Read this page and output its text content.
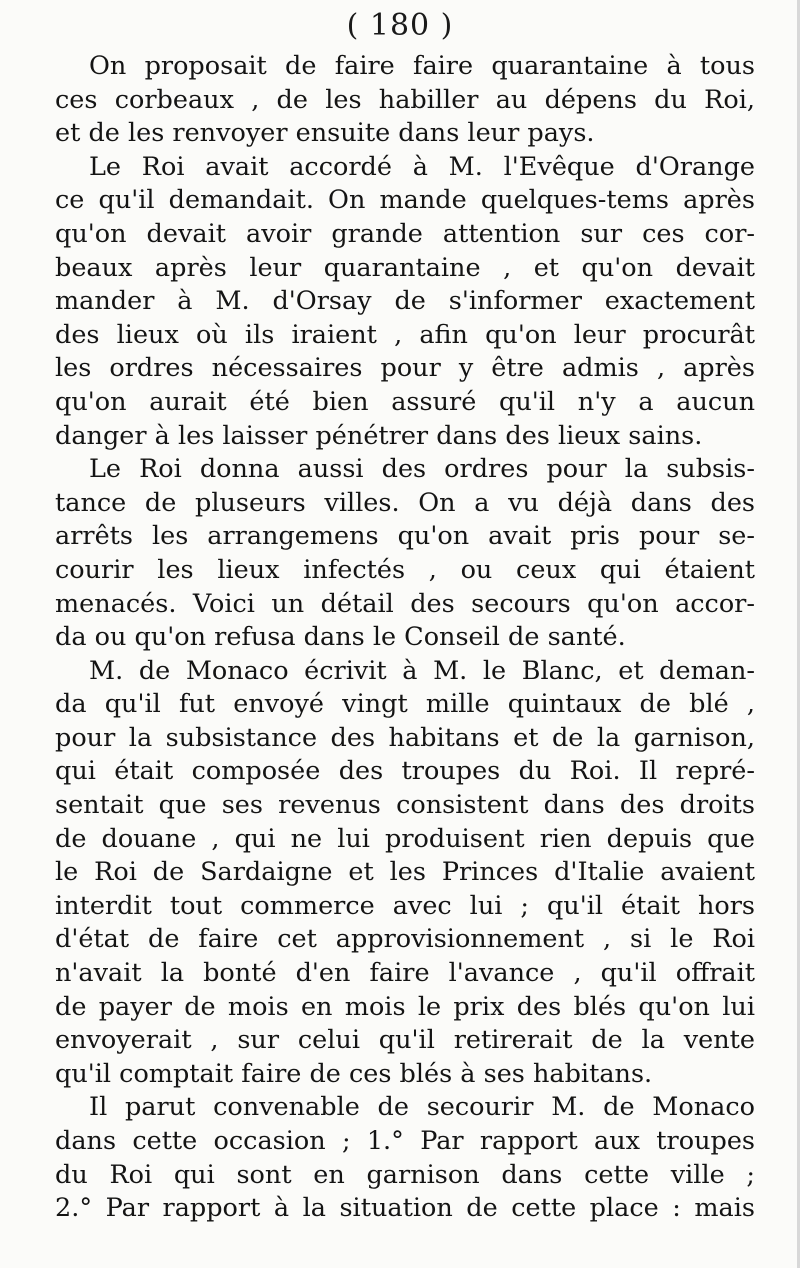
( 180 )
On proposait de faire faire quarantaine à tous
ces corbeaux , de les habiller au dépens du Roi,
et de les renvoyer ensuite dans leur pays.
Le Roi avait accordé à M. l'Evêque d'Orange
ce qu'il demandait. On mande quelques-tems après
qu'on devait avoir grande attention sur ces cor-
beaux après leur quarantaine , et qu'on devait
mander à M. d'Orsay de s'informer exactement
des lieux où ils iraient , afin qu'on leur procurât
les ordres nécessaires pour y être admis , après
qu'on aurait été bien assuré qu'il n'y a aucun
danger à les laisser pénétrer dans des lieux sains.
Le Roi donna aussi des ordres pour la subsis-
tance de pluseurs villes. On a vu déjà dans des
arrêts les arrangemens qu'on avait pris pour se-
courir les lieux infectés , ou ceux qui étaient
menacés. Voici un détail des secours qu'on accor-
da ou qu'on refusa dans le Conseil de santé.
M. de Monaco écrivit à M. le Blanc, et deman-
da qu'il fut envoyé vingt mille quintaux de blé ,
pour la subsistance des habitans et de la garnison,
qui était composée des troupes du Roi. Il repré-
sentait que ses revenus consistent dans des droits
de douane , qui ne lui produisent rien depuis que
le Roi de Sardaigne et les Princes d'Italie avaient
interdit tout commerce avec lui ; qu'il était hors
d'état de faire cet approvisionnement , si le Roi
n'avait la bonté d'en faire l'avance , qu'il offrait
de payer de mois en mois le prix des blés qu'on lui
envoyerait , sur celui qu'il retirerait de la vente
qu'il comptait faire de ces blés à ses habitans.
Il parut convenable de secourir M. de Monaco
dans cette occasion ; 1.° Par rapport aux troupes
du Roi qui sont en garnison dans cette ville ;
2.° Par rapport à la situation de cette place : mais
